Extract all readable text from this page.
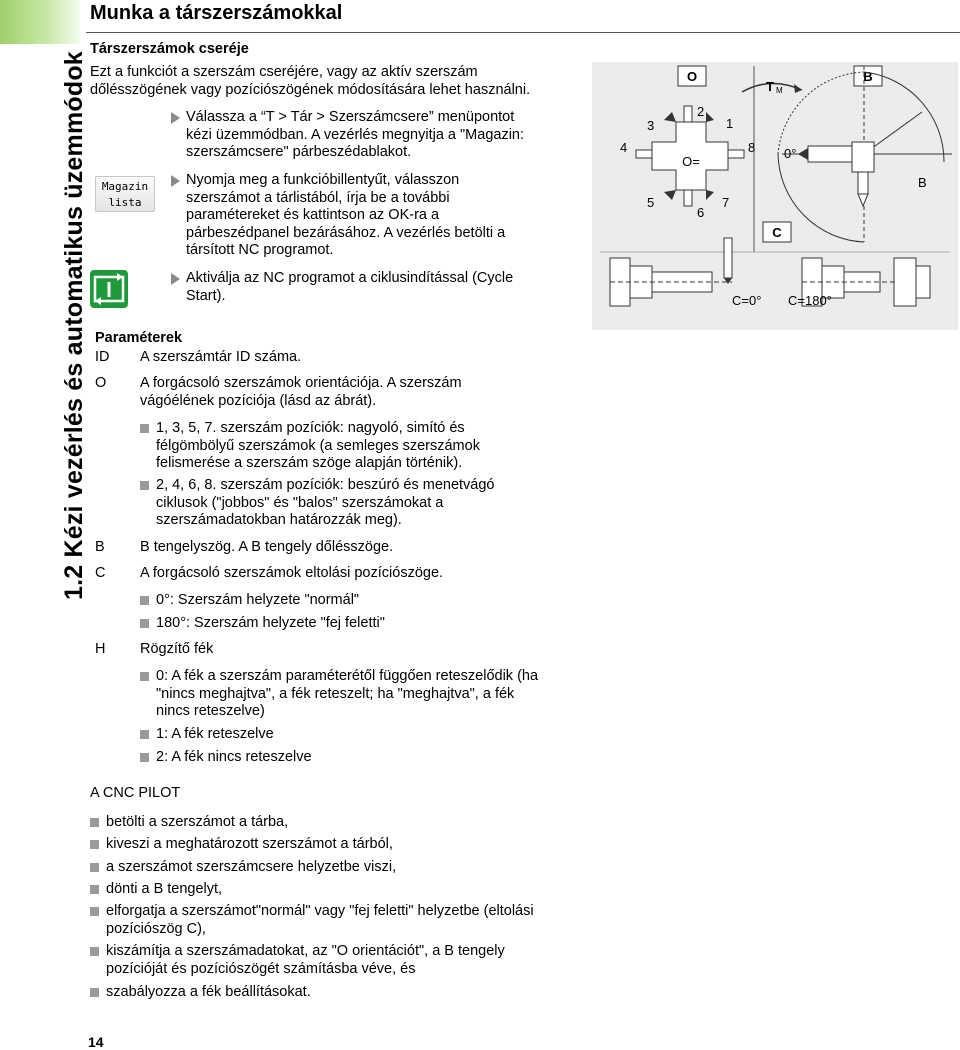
1.2 Kézi vezérlés és automatikus üzemmódok
Munka a társzerszámokkal
Társzerszámok cseréje
Ezt a funkciót a szerszám cseréjére, vagy az aktív szerszám
dőlésszögének vagy pozíciószögének módosítására lehet használni.
Magazin
lista
Válassza a “T > Tár > Szerszámcsere” menüpontot
kézi üzemmódban. A vezérlés megnyitja a "Magazin:
szerszámcsere" párbeszédablakot.
Nyomja meg a funkcióbillentyűt, válasszon
szerszámot a tárlistából, írja be a további
paramétereket és kattintson az OK-ra a
párbeszédpanel bezárásához. A vezérlés betölti a
társított NC programot.
Aktiválja az NC programot a ciklusindítással (Cycle
Start).
O	B
C
O=
1
2
3
4
5
6
7
8
T M
0°
B
C=0° C=180°
Paraméterek
ID A szerszámtár ID száma.
O A forgácsoló szerszámok orientációja. A szerszám
vágóélének pozíciója (lásd az ábrát).
1, 3, 5, 7. szerszám pozíciók: nagyoló, simító és
félgömbölyű szerszámok (a semleges szerszámok
felismerése a szerszám szöge alapján történik).
2, 4, 6, 8. szerszám pozíciók: beszúró és menetvágó
ciklusok ("jobbos" és "balos" szerszámokat a
szerszámadatokban határozzák meg).
B B tengelyszög. A B tengely dőlésszöge.
C A forgácsoló szerszámok eltolási pozíciószöge.
0°: Szerszám helyzete "normál"
180°: Szerszám helyzete "fej feletti"
H Rögzítő fék
0: A fék a szerszám paraméterétől függően reteszelődik (ha
"nincs meghajtva", a fék reteszelt; ha "meghajtva", a fék
nincs reteszelve)
1: A fék reteszelve
2: A fék nincs reteszelve
A CNC PILOT
betölti a szerszámot a tárba,
kiveszi a meghatározott szerszámot a tárból,
a szerszámot szerszámcsere helyzetbe viszi,
dönti a B tengelyt,
elforgatja a szerszámot"normál" vagy "fej feletti" helyzetbe (eltolási
pozíciószög C),
kiszámítja a szerszámadatokat, az "O orientációt", a B tengely
pozícióját és pozíciószögét számításba véve, és
szabályozza a fék beállításokat.
14
